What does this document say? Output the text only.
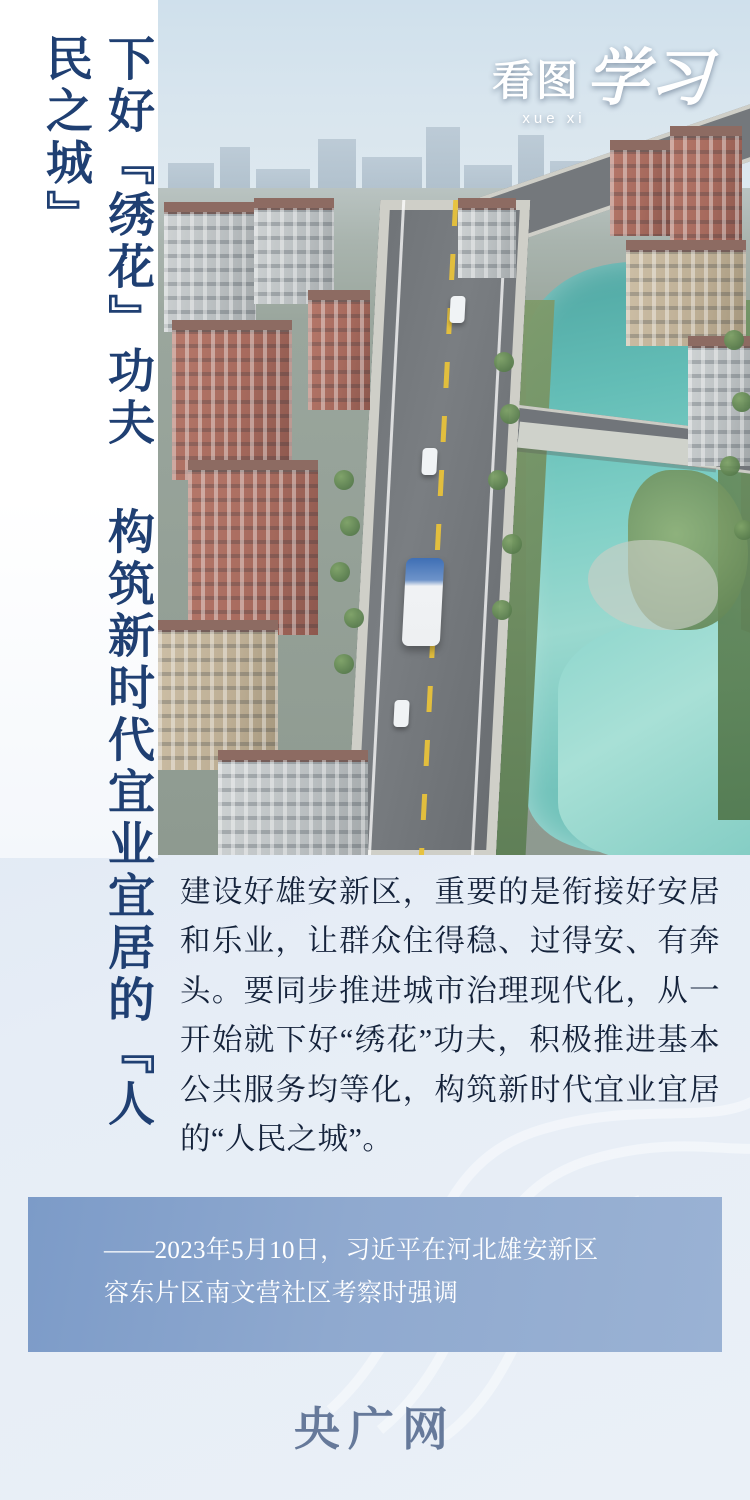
看图 学习
xue xi
下好『绣花』功夫 构筑新时代宜业宜居的『人民之城』
建设好雄安新区，重要的是衔接好安居和乐业，让群众住得稳、过得安、有奔头。要同步推进城市治理现代化，从一开始就下好“绣花”功夫，积极推进基本公共服务均等化，构筑新时代宜业宜居的“人民之城”。
——2023年5月10日，习近平在河北雄安新区
容东片区南文营社区考察时强调
央广网
